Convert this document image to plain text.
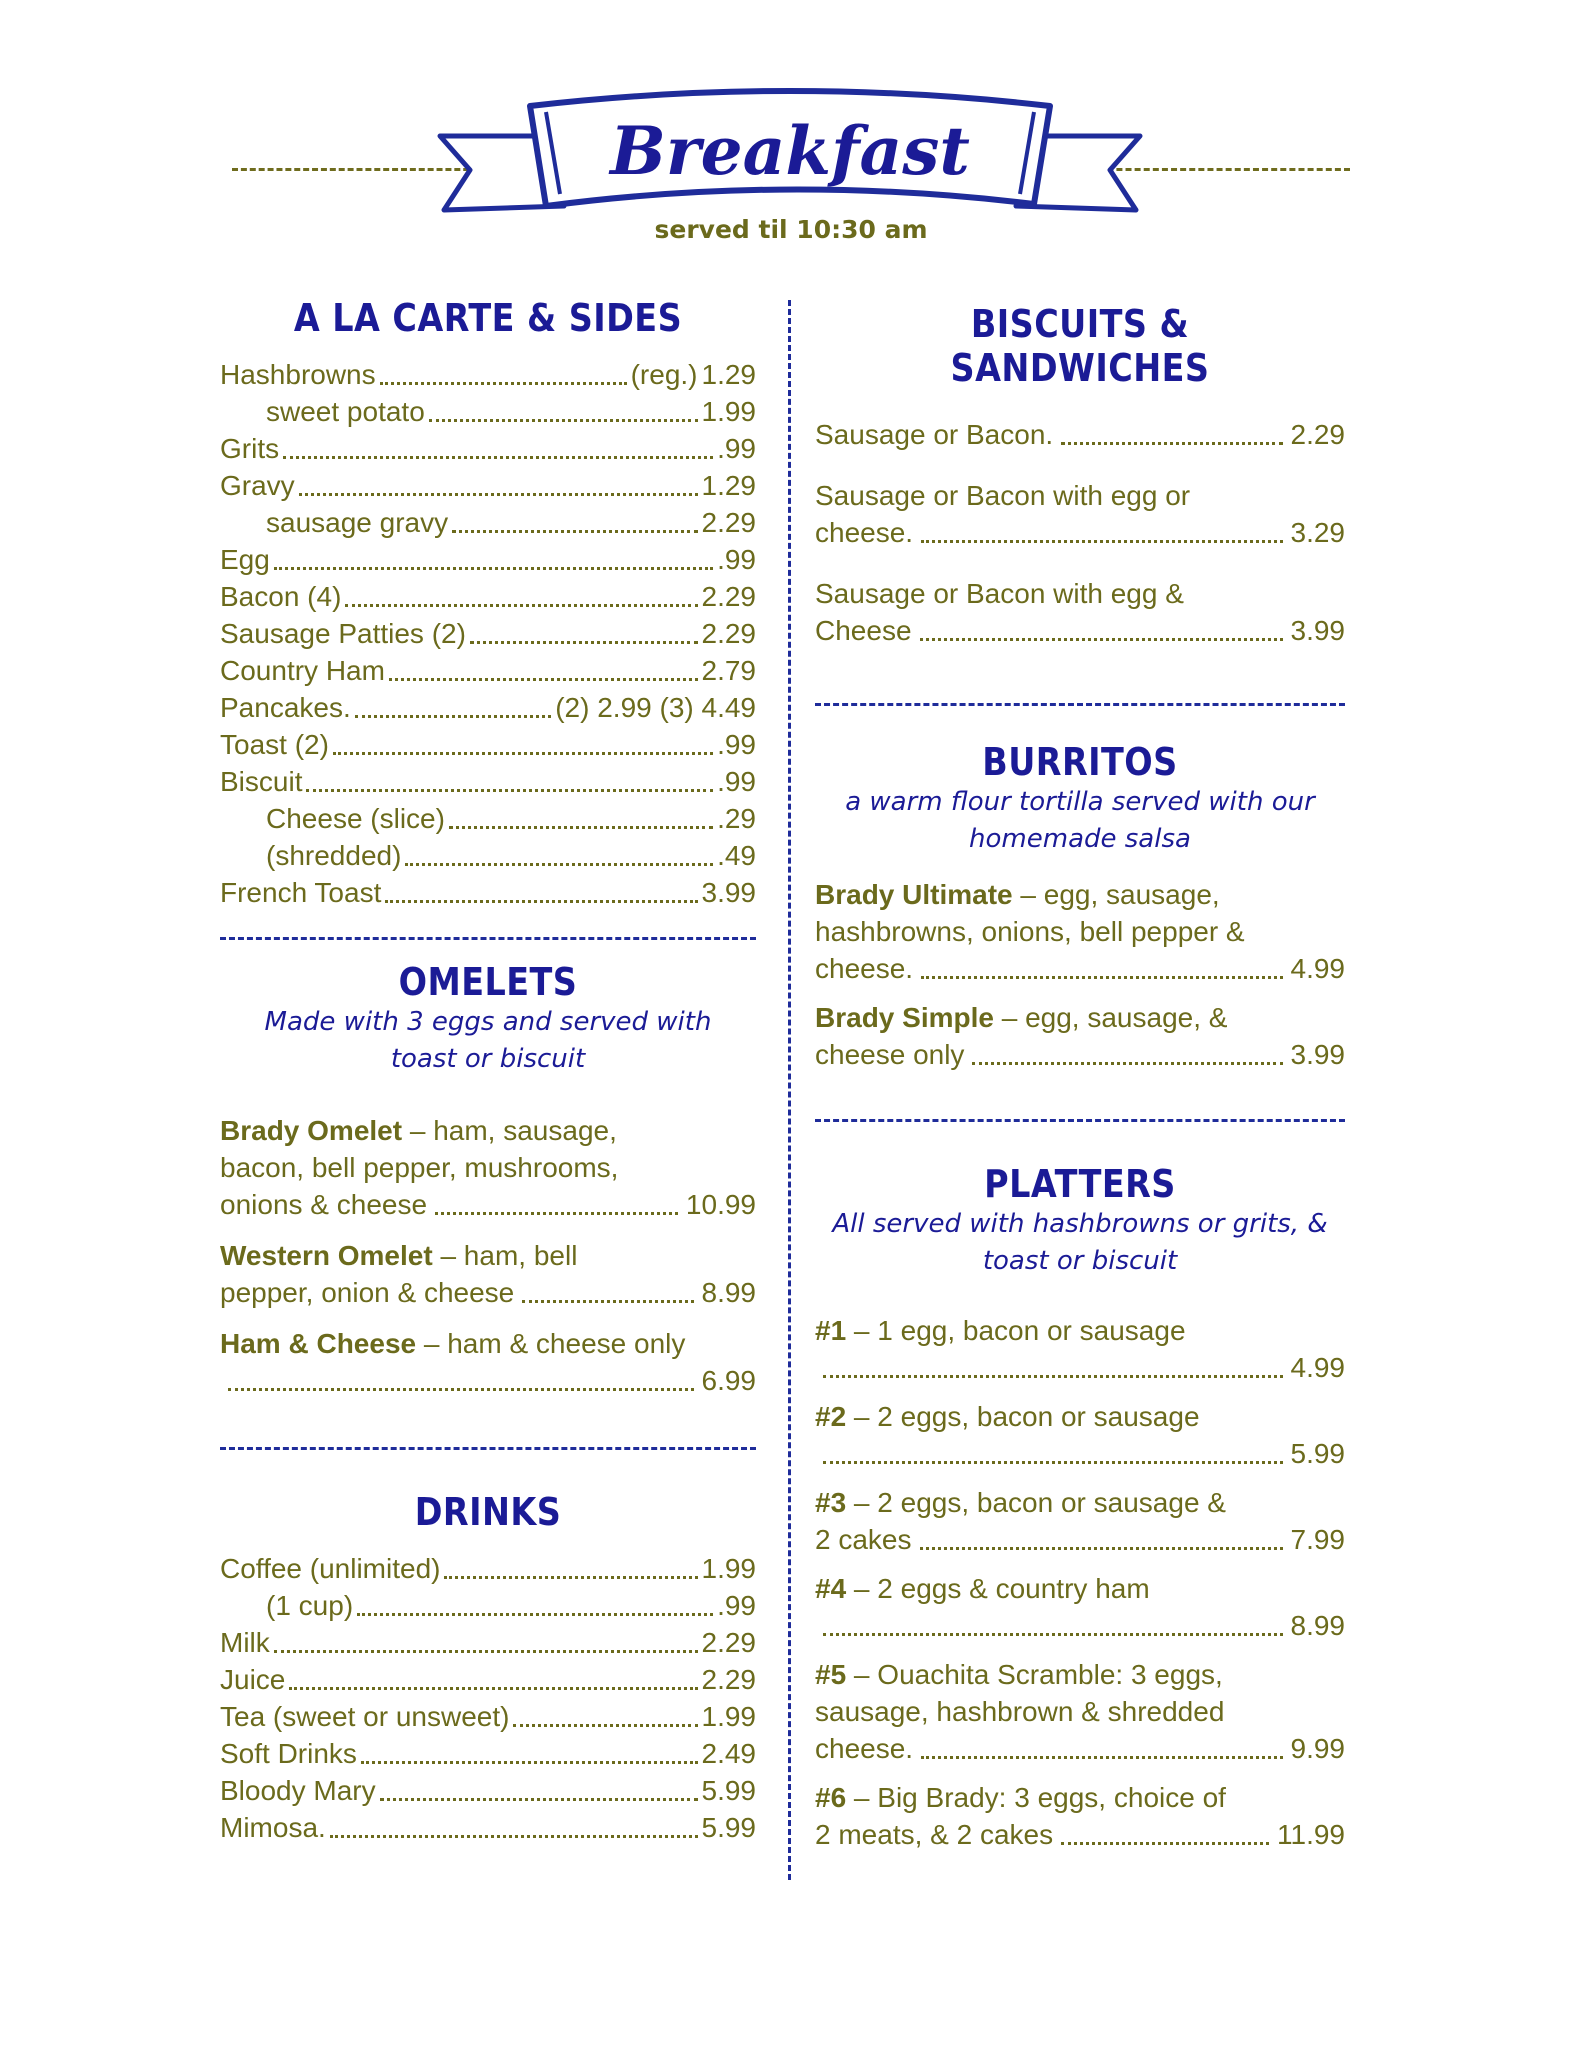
Breakfast
served til 10:30 am
A LA CARTE & SIDES
Hashbrowns	(reg.) 1.29
sweet potato	1.99
Grits	.99
Gravy	1.29
sausage gravy	2.29
Egg	.99
Bacon (4)	2.29
Sausage Patties (2)	2.29
Country Ham	2.79
Pancakes.	(2) 2.99 (3) 4.49
Toast (2)	.99
Biscuit	.99
Cheese (slice)	.29
(shredded)	.49
French Toast	3.99
OMELETS
Made with 3 eggs and served with toast or biscuit
Brady Omelet – ham, sausage,
bacon, bell pepper, mushrooms,
onions & cheese	10.99
Western Omelet – ham, bell
pepper, onion & cheese	8.99
Ham & Cheese – ham & cheese only
6.99
DRINKS
Coffee (unlimited)	1.99
(1 cup)	.99
Milk	2.29
Juice	2.29
Tea (sweet or unsweet)	1.99
Soft Drinks	2.49
Bloody Mary	5.99
Mimosa.	5.99
BISCUITS &
SANDWICHES
Sausage or Bacon.	2.29
Sausage or Bacon with egg or
cheese.	3.29
Sausage or Bacon with egg &
Cheese	3.99
BURRITOS
a warm flour tortilla served with our homemade salsa
Brady Ultimate – egg, sausage,
hashbrowns, onions, bell pepper &
cheese.	4.99
Brady Simple – egg, sausage, &
cheese only	3.99
PLATTERS
All served with hashbrowns or grits, & toast or biscuit
#1 – 1 egg, bacon or sausage
4.99
#2 – 2 eggs, bacon or sausage
5.99
#3 – 2 eggs, bacon or sausage &
2 cakes	7.99
#4 – 2 eggs & country ham
8.99
#5 – Ouachita Scramble: 3 eggs,
sausage, hashbrown & shredded
cheese.	9.99
#6 – Big Brady: 3 eggs, choice of
2 meats, & 2 cakes	11.99
